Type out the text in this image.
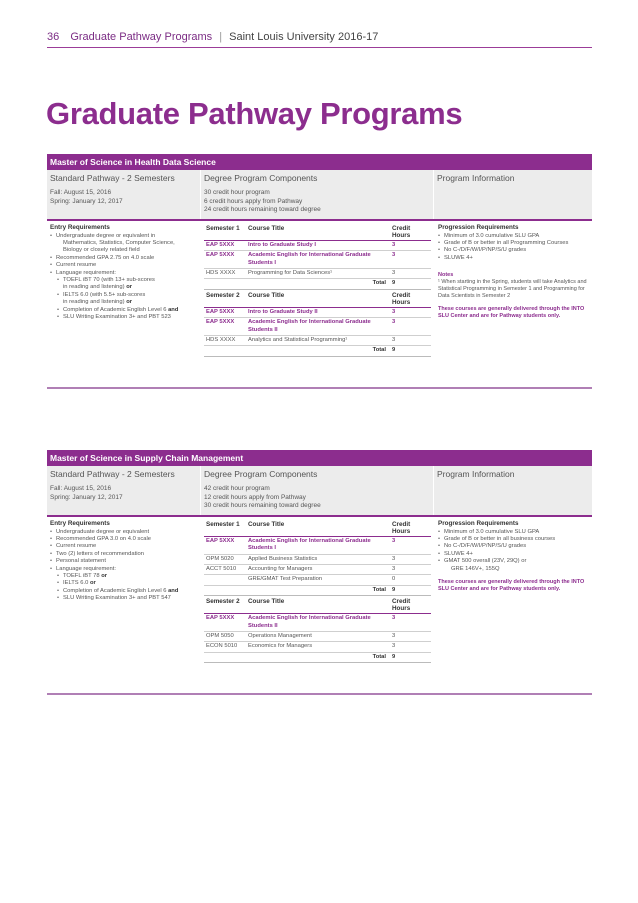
36 Graduate Pathway Programs | Saint Louis University 2016-17
Graduate Pathway Programs
Master of Science in Health Data Science
Standard Pathway - 2 Semesters
Fall: August 15, 2016
Spring: January 12, 2017
Degree Program Components
30 credit hour program
6 credit hours apply from Pathway
24 credit hours remaining toward degree
Program Information
Entry Requirements
• Undergraduate degree or equivalent in
Mathematics, Statistics, Computer Science,
Biology or closely related field
• Recommended GPA 2.75 on 4.0 scale
• Current resume
• Language requirement:
• TOEFL iBT 70 (with 13+ sub-scores
in reading and listening) or
• IELTS 6.0 (with 5.5+ sub-scores
in reading and listening) or
• Completion of Academic English Level 6 and
• SLU Writing Examination 3+ and PBT 523
Semester 1	Course Title	Credit Hours
EAP 5XXX	Intro to Graduate Study I	3
EAP 5XXX	Academic English for International Graduate Students I	3
HDS XXXX	Programming for Data Sciences¹	3
	Total	9
Semester 2	Course Title	Credit Hours
EAP 5XXX	Intro to Graduate Study II	3
EAP 5XXX	Academic English for International Graduate Students II	3
HDS XXXX	Analytics and Statistical Programming¹	3
	Total	9
Progression Requirements
• Minimum of 3.0 cumulative SLU GPA
• Grade of B or better in all Programming Courses
• No C-/D/F/W/I/P/NP/S/U grades
• SLUWE 4+
Notes
¹ When starting in the Spring, students will take Analytics and Statistical Programming in Semester 1 and Programming for Data Scientists in Semester 2
These courses are generally delivered through the INTO SLU Center and are for Pathway students only.
Master of Science in Supply Chain Management
Standard Pathway - 2 Semesters
Fall: August 15, 2016
Spring: January 12, 2017
Degree Program Components
42 credit hour program
12 credit hours apply from Pathway
30 credit hours remaining toward degree
Program Information
Entry Requirements
• Undergraduate degree or equivalent
• Recommended GPA 3.0 on 4.0 scale
• Current resume
• Two (2) letters of recommendation
• Personal statement
• Language requirement:
• TOEFL iBT 78 or
• IELTS 6.0 or
• Completion of Academic English Level 6 and
• SLU Writing Examination 3+ and PBT 547
Semester 1	Course Title	Credit Hours
EAP 5XXX	Academic English for International Graduate Students I	3
OPM 5020	Applied Business Statistics	3
ACCT 5010	Accounting for Managers	3
	GRE/GMAT Test Preparation	0
	Total	9
Semester 2	Course Title	Credit Hours
EAP 5XXX	Academic English for International Graduate Students II	3
OPM 5050	Operations Management	3
ECON 5010	Economics for Managers	3
	Total	9
Progression Requirements
• Minimum of 3.0 cumulative SLU GPA
• Grade of B or better in all business courses
• No C-/D/F/W/I/P/NP/S/U grades
• SLUWE 4+
• GMAT 500 overall (23V, 29Q) or
GRE 146V+, 155Q
These courses are generally delivered through the INTO SLU Center and are for Pathway students only.
